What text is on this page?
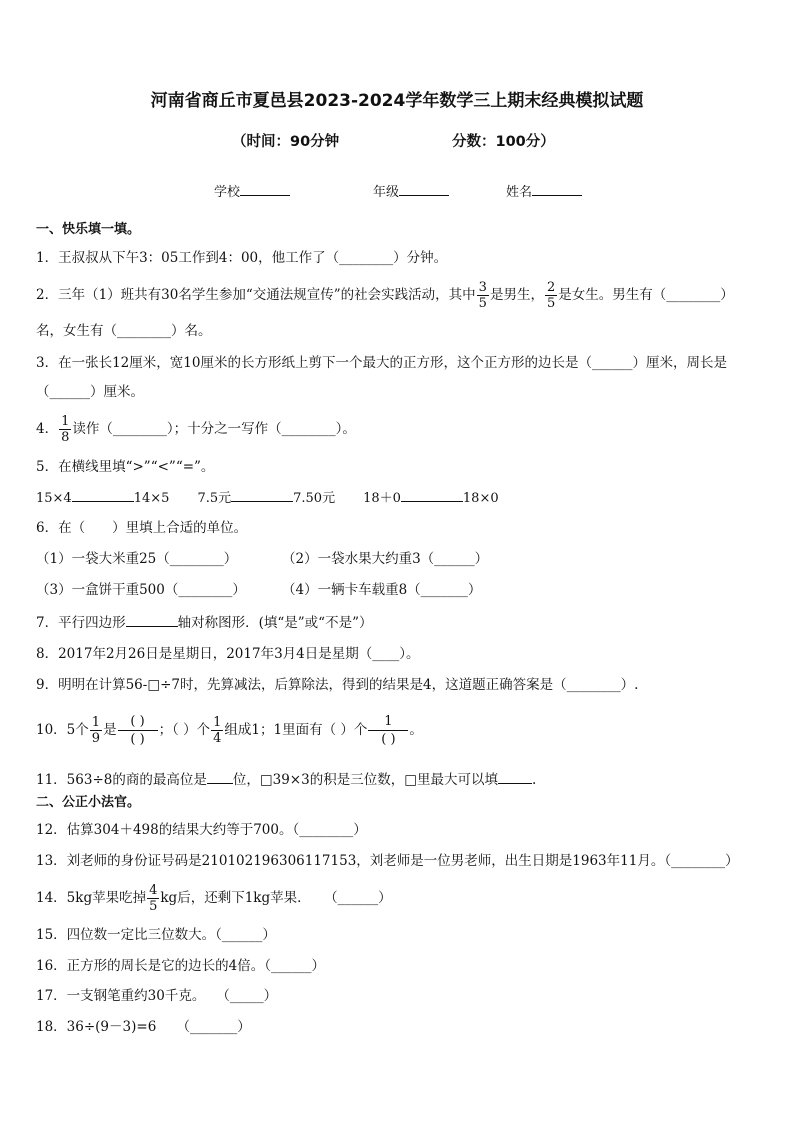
河南省商丘市夏邑县2023-2024学年数学三上期末经典模拟试题
（时间：90分钟	分数：100分）
学校	年级	姓名
一、快乐填一填。
1．王叔叔从下午3：05工作到4：00，他工作了（________）分钟。
2．三年（1）班共有30名学生参加“交通法规宣传”的社会实践活动，其中 $\frac{3}{5}$ 是男生， $\frac{2}{5}$ 是女生。男生有（________）
名，女生有（________）名。
3．在一张长12厘米，宽10厘米的长方形纸上剪下一个最大的正方形，这个正方形的边长是（______）厘米，周长是
（______）厘米。
4． $\frac{1}{8}$ 读作（________）；十分之一写作（________）。
5．在横线里填“>”“<”“=”。
15×4	14×5 7.5元	7.50元 18＋0	18×0
6．在（　　）里填上合适的单位。
（1）一袋大米重25（________）	（2）一袋水果大约重3（______）
（3）一盒饼干重500（________）	（4）一辆卡车载重8（_______）
7．平行四边形	轴对称图形．(填“是”或“不是”）
8．2017年2月26日是星期日，2017年3月4日是星期（____）。
9．明明在计算56-□÷7时，先算减法，后算除法，得到的结果是4，这道题正确答案是（________）.
10．5个 $\frac{1}{9}$ 是 $\frac{( )}{( )}$ ；（ ）个 $\frac{1}{4}$ 组成1；1里面有（ ）个 $\frac{1}{( )}$ 。
11．563÷8的商的最高位是 位，□39×3的积是三位数，□里最大可以填	.
二、公正小法官。
12．估算304＋498的结果大约等于700。（________）
13．刘老师的身份证号码是210102196306117153，刘老师是一位男老师，出生日期是1963年11月。（________）
14．5kg苹果吃掉 $\frac{4}{5}$ kg后，还剩下1kg苹果．　　（______）
15．四位数一定比三位数大。（______）
16．正方形的周长是它的边长的4倍。（______）
17．一支钢笔重约30千克。　 （_____）
18．36÷(9－3)=6　　（_______）
